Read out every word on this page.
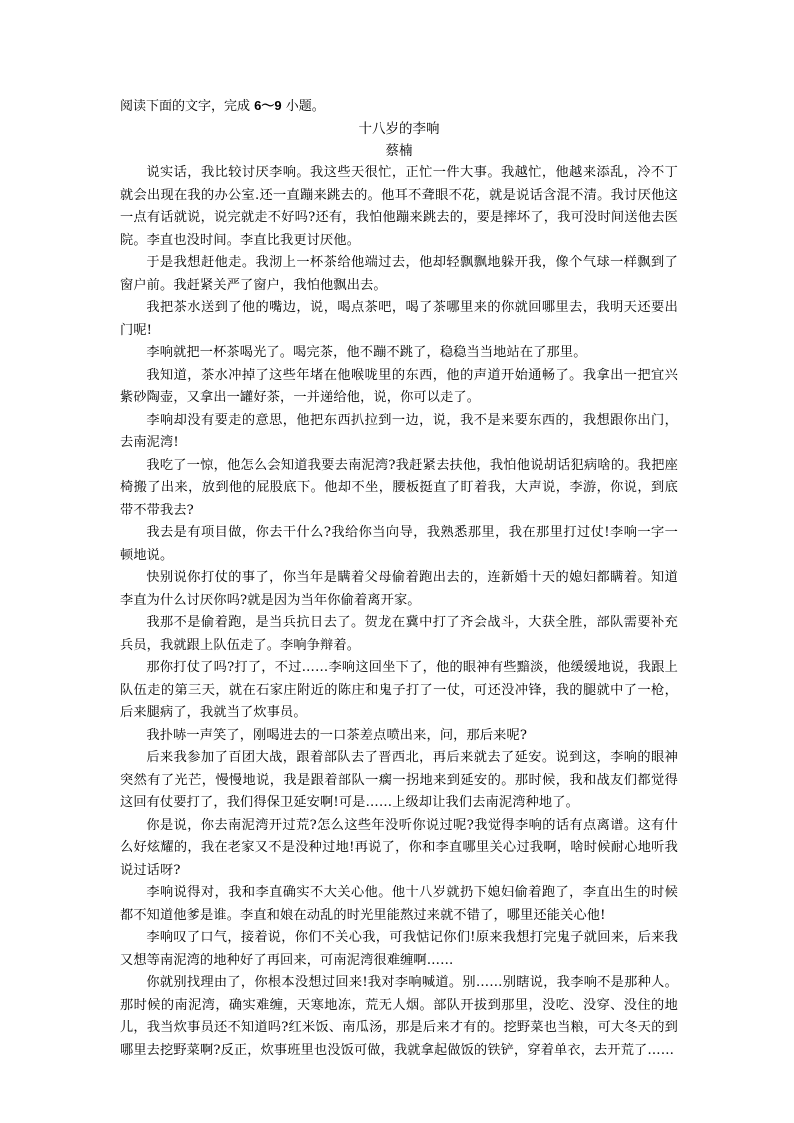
阅读下面的文字，完成 6～9 小题。

十八岁的李响

蔡楠

说实话，我比较讨厌李响。我这些天很忙，正忙一件大事。我越忙，他越来添乱，冷不丁就会出现在我的办公室.还一直蹦来跳去的。他耳不聋眼不花，就是说话含混不清。我讨厌他这一点有话就说，说完就走不好吗?还有，我怕他蹦来跳去的，要是摔坏了，我可没时间送他去医院。李直也没时间。李直比我更讨厌他。

于是我想赶他走。我沏上一杯茶给他端过去，他却轻飘飘地躲开我，像个气球一样飘到了窗户前。我赶紧关严了窗户，我怕他飘出去。

我把茶水送到了他的嘴边，说，喝点茶吧，喝了茶哪里来的你就回哪里去，我明天还要出门呢!

李响就把一杯茶喝光了。喝完茶，他不蹦不跳了，稳稳当当地站在了那里。

我知道，茶水冲掉了这些年堵在他喉咙里的东西，他的声道开始通畅了。我拿出一把宜兴紫砂陶壶，又拿出一罐好茶，一并递给他，说，你可以走了。

李响却没有要走的意思，他把东西扒拉到一边，说，我不是来要东西的，我想跟你出门，去南泥湾!

我吃了一惊，他怎么会知道我要去南泥湾?我赶紧去扶他，我怕他说胡话犯病啥的。我把座椅搬了出来，放到他的屁股底下。他却不坐，腰板挺直了盯着我，大声说，李游，你说，到底带不带我去?

我去是有项目做，你去干什么?我给你当向导，我熟悉那里，我在那里打过仗!李响一字一顿地说。

快别说你打仗的事了，你当年是瞒着父母偷着跑出去的，连新婚十天的媳妇都瞒着。知道李直为什么讨厌你吗?就是因为当年你偷着离开家。

我那不是偷着跑，是当兵抗日去了。贺龙在冀中打了齐会战斗，大获全胜，部队需要补充兵员，我就跟上队伍走了。李响争辩着。

那你打仗了吗?打了，不过……李响这回坐下了，他的眼神有些黯淡，他缓缓地说，我跟上队伍走的第三天，就在石家庄附近的陈庄和鬼子打了一仗，可还没冲锋，我的腿就中了一枪，后来腿病了，我就当了炊事员。

我扑哧一声笑了，刚喝进去的一口茶差点喷出来，问，那后来呢?

后来我参加了百团大战，跟着部队去了晋西北，再后来就去了延安。说到这，李响的眼神突然有了光芒，慢慢地说，我是跟着部队一瘸一拐地来到延安的。那时候，我和战友们都觉得这回有仗要打了，我们得保卫延安啊!可是……上级却让我们去南泥湾种地了。

你是说，你去南泥湾开过荒?怎么这些年没听你说过呢?我觉得李响的话有点离谱。这有什么好炫耀的，我在老家又不是没种过地!再说了，你和李直哪里关心过我啊，啥时候耐心地听我说过话呀?

李响说得对，我和李直确实不大关心他。他十八岁就扔下媳妇偷着跑了，李直出生的时候都不知道他爹是谁。李直和娘在动乱的时光里能熬过来就不错了，哪里还能关心他!

李响叹了口气，接着说，你们不关心我，可我惦记你们!原来我想打完鬼子就回来，后来我又想等南泥湾的地种好了再回来，可南泥湾很难缠啊……

你就别找理由了，你根本没想过回来!我对李响喊道。别……别瞎说，我李响不是那种人。那时候的南泥湾，确实难缠，天寒地冻，荒无人烟。部队开拔到那里，没吃、没穿、没住的地儿，我当炊事员还不知道吗?红米饭、南瓜汤，那是后来才有的。挖野菜也当粮，可大冬天的到哪里去挖野菜啊?反正，炊事班里也没饭可做，我就拿起做饭的铁铲，穿着单衣，去开荒了……
